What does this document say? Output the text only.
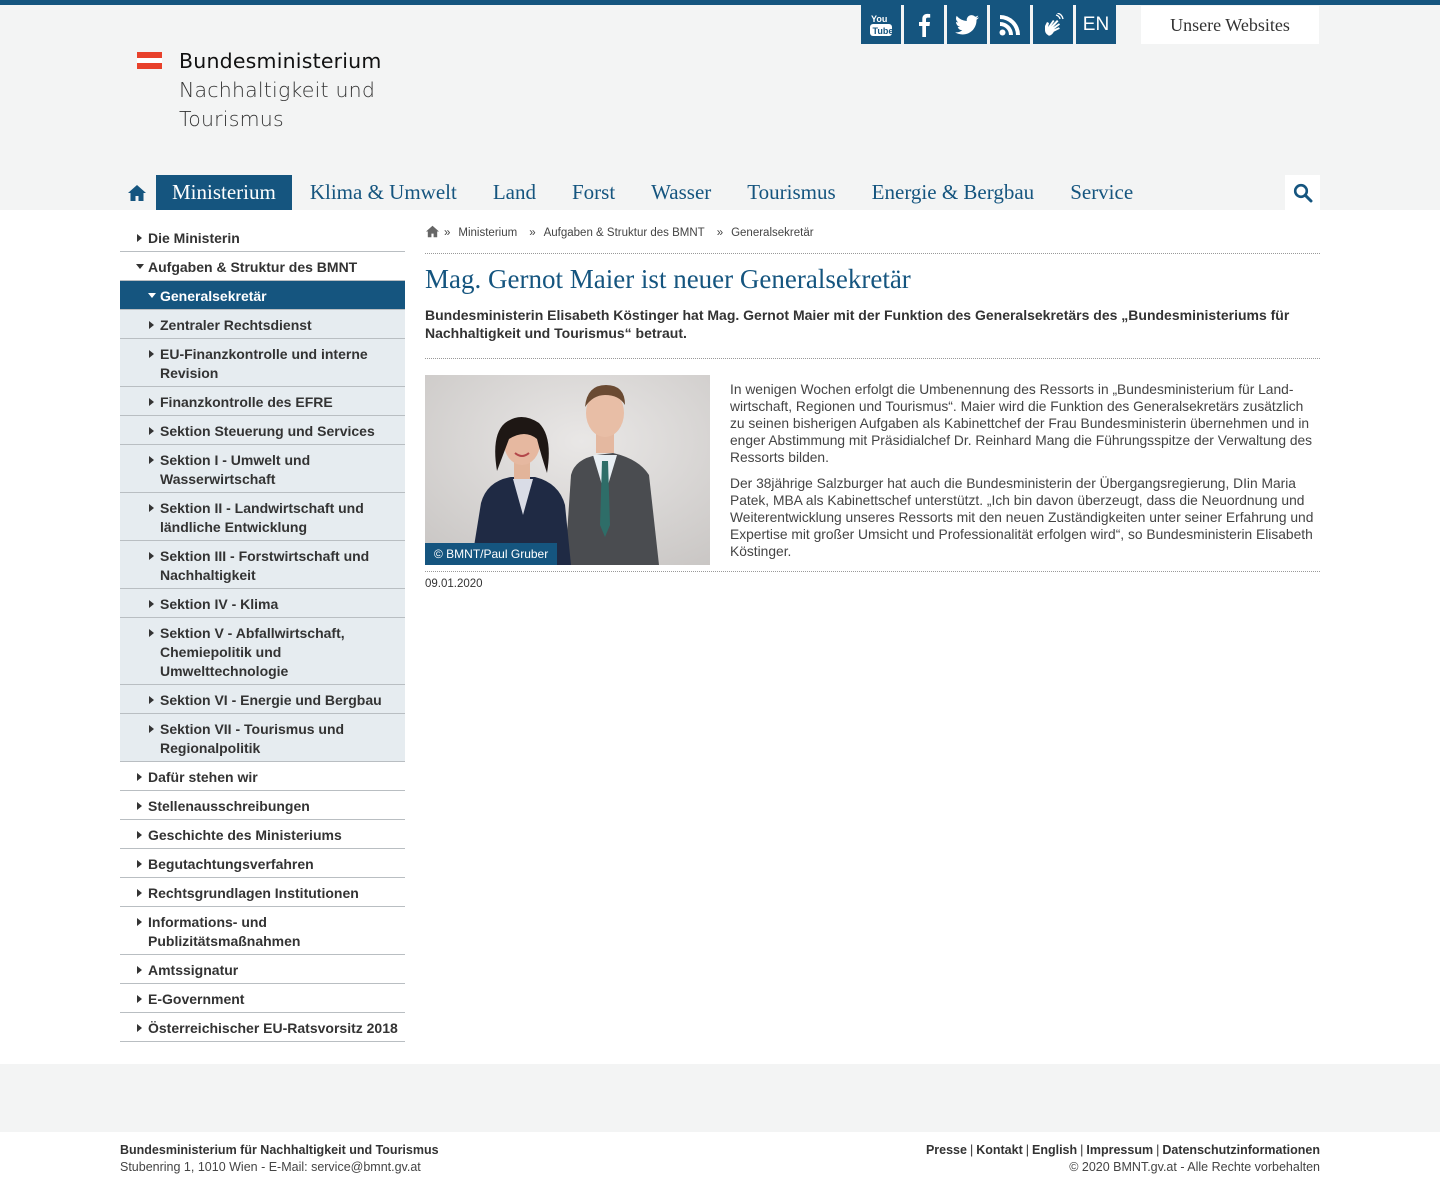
Bundesministerium
Nachhaltigkeit und
Tourismus
You
Tube	EN	Unsere Websites
Ministerium	Klima & Umwelt	Land	Forst	Wasser	Tourismus	Energie & Bergbau	Service
Die Ministerin
Aufgaben & Struktur des BMNT
Generalsekretär
Zentraler Rechtsdienst
EU-Finanzkontrolle und interne Revision
Finanzkontrolle des EFRE
Sektion Steuerung und Services
Sektion I - Umwelt und Wasserwirtschaft
Sektion II - Landwirtschaft und ländliche Entwicklung
Sektion III - Forstwirtschaft und Nachhaltigkeit
Sektion IV - Klima
Sektion V - Abfallwirtschaft, Chemiepolitik und Umwelttechnologie
Sektion VI - Energie und Bergbau
Sektion VII - Tourismus und Regionalpolitik
Dafür stehen wir
Stellenausschreibungen
Geschichte des Ministeriums
Begutachtungsverfahren
Rechtsgrundlagen Institutionen
Informations- und Publizitätsmaßnahmen
Amtssignatur
E-Government
Österreichischer EU-Ratsvorsitz 2018
» Ministerium » Aufgaben & Struktur des BMNT » Generalsekretär
Mag. Gernot Maier ist neuer Generalsekretär

Bundesministerin Elisabeth Köstinger hat Mag. Gernot Maier mit der Funktion des Generalsekretärs des „Bundesministeriums für Nachhaltigkeit und Tourismus“ betraut.

© BMNT/Paul Gruber

In wenigen Wochen erfolgt die Umbenennung des Ressorts in „Bundesministerium für Landwirtschaft, Regionen und Tourismus“. Maier wird die Funktion des Generalsekretärs zusätzlich zu seinen bisherigen Aufgaben als Kabinettchef der Frau Bundesministerin übernehmen und in enger Abstimmung mit Präsidialchef Dr. Reinhard Mang die Führungsspitze der Verwaltung des Ressorts bilden.

Der 38jährige Salzburger hat auch die Bundesministerin der Übergangsregierung, DIin Maria Patek, MBA als Kabinettschef unterstützt. „Ich bin davon überzeugt, dass die Neuordnung und Weiterentwicklung unseres Ressorts mit den neuen Zuständigkeiten unter seiner Erfahrung und Expertise mit großer Umsicht und Professionalität erfolgen wird“, so Bundesministerin Elisabeth Köstinger.

09.01.2020
Bundesministerium für Nachhaltigkeit und Tourismus
Stubenring 1, 1010 Wien - E-Mail: service@bmnt.gv.at
Presse | Kontakt | English | Impressum | Datenschutzinformationen
© 2020 BMNT.gv.at - Alle Rechte vorbehalten
